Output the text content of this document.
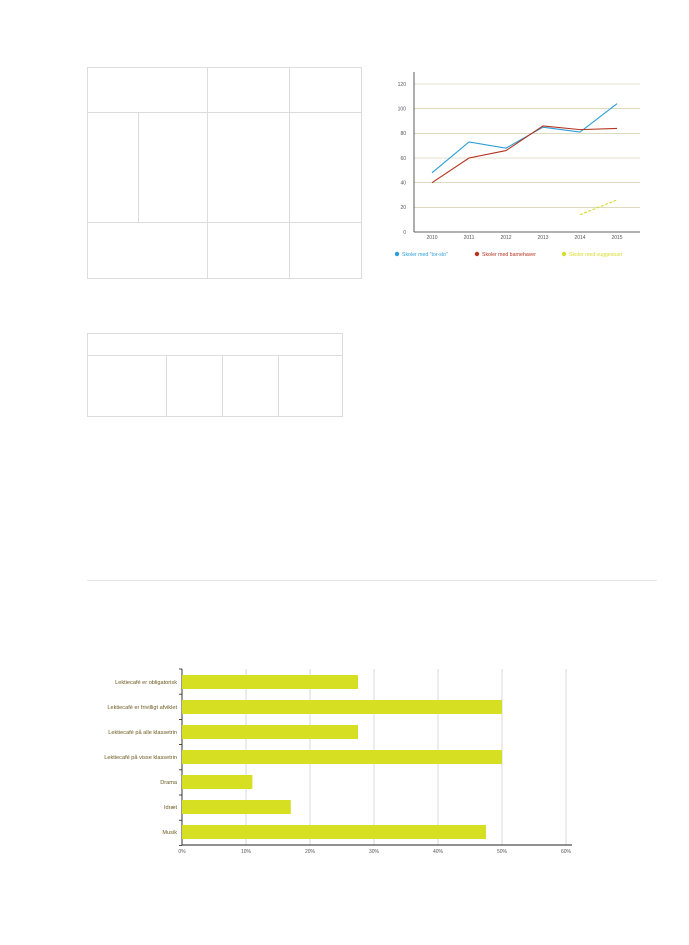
0
20
40
60
80
100
120
2010	2011	2012	2013	2014	2015
Skoler med "tor-slo"	Skoler med barnehaver	Skoler med vuggestuer
0%	10%	20%	30%	40%	50%	60%
Lektiecafé er obligatorisk
Lektiecafé er frivilligt afviklet
Lektiecafé på alle klassetrin
Lektiecafé på visse klassetrin
Drama
Idræt
Musik
